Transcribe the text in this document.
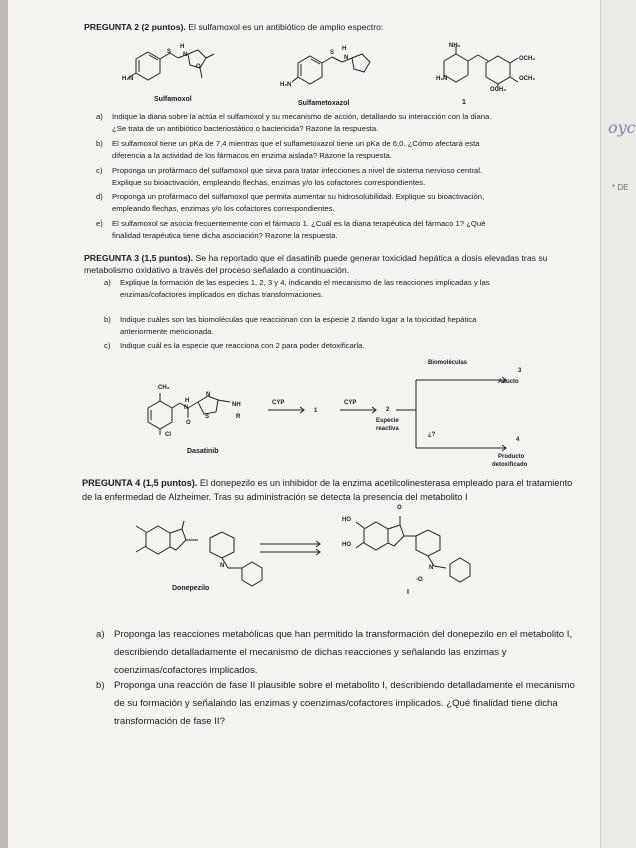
PREGUNTA 2 (2 puntos). El sulfamoxol es un antibiótico de amplio espectro:
H₂N
S
H
N
O
Sulfamoxol
H₂N
S
H
N
Sulfametoxazol
NH₂
H₂N
OCH₃
OCH₃
OCH₃
1
a) Indique la diana sobre la actúa el sulfamoxol y su mecanismo de acción, detallando su interacción con la diana.
¿Se trata de un antibiótico bacteriostático o bactericida? Razone la respuesta.
b) El sulfamoxol tiene un pKa de 7,4 mientras que el sulfametoxazol tiene un pKa de 6,0. ¿Cómo afectará esta
diferencia a la actividad de los fármacos en enzima aislada? Razone la respuesta.
c) Proponga un profármaco del sulfamoxol que sirva para tratar infecciones a nivel de sistema nervioso central.
Explique su bioactivación, empleando flechas, enzimas y/o los cofactores correspondientes.
d) Proponga un profármaco del sulfamoxol que permita aumentar su hidrosolubilidad. Explique su bioactivación,
empleando flechas, enzimas y/o los cofactores correspondientes.
e) El sulfamoxol se asocia frecuentemente con el fármaco 1. ¿Cuál es la diana terapéutica del fármaco 1? ¿Qué
finalidad terapéutica tiene dicha asociación? Razone la respuesta.
PREGUNTA 3 (1,5 puntos). Se ha reportado que el dasatinib puede generar toxicidad hepática a dosis elevadas tras su
metabolismo oxidativo a través del proceso señalado a continuación.
a) Explique la formación de las especies 1, 2, 3 y 4, indicando el mecanismo de las reacciones implicadas y las
enzimas/cofactores implicados en dichas transformaciones.
b) Indique cuáles son las biomoléculas que reaccionan con la especie 2 dando lugar a la toxicidad hepática
anteriormente mencionada.
c) Indique cuál es la especie que reacciona con 2 para poder detoxificarla.
CH₃
H
N
Cl
O
N
S
NH
R
Dasatinib
CYP
1
CYP
2
Especie
reactiva
Biomoléculas
3
Aducto
¿?
4
Producto
detoxificado
PREGUNTA 4 (1,5 puntos). El donepezilo es un inhibidor de la enzima acetilcolinesterasa empleado para el tratamiento
de la enfermedad de Alzheimer. Tras su administración se detecta la presencia del metabolito I
N
Donepezilo
HO
HO
O
N
-O
I
a) Proponga las reacciones metabólicas que han permitido la transformación del donepezilo en el metabolito I,
describiendo detalladamente el mecanismo de dichas reacciones y señalando las enzimas y
coenzimas/cofactores implicados.
b) Proponga una reacción de fase II plausible sobre el metabolito I, describiendo detalladamente el mecanismo
de su formación y señalando las enzimas y coenzimas/cofactores implicados. ¿Qué finalidad tiene dicha
transformación de fase II?
oyc
* DE
